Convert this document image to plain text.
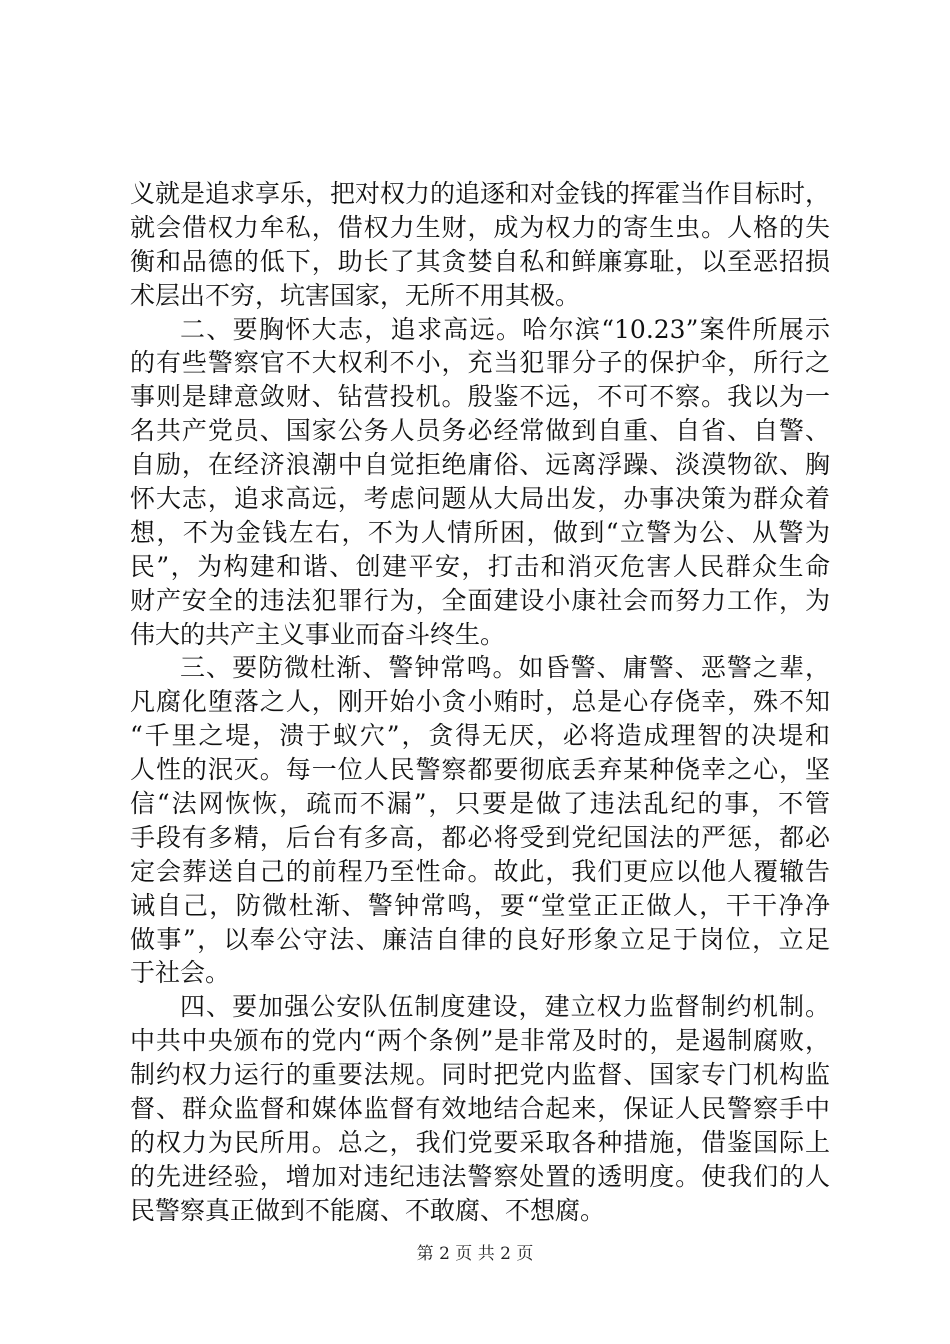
义就是追求享乐，把对权力的追逐和对金钱的挥霍当作目标时，
就会借权力牟私，借权力生财，成为权力的寄生虫。人格的失
衡和品德的低下，助长了其贪婪自私和鲜廉寡耻，以至恶招损
术层出不穷，坑害国家，无所不用其极。
二、要胸怀大志，追求高远。哈尔滨“10.23”案件所展示
的有些警察官不大权利不小，充当犯罪分子的保护伞，所行之
事则是肆意敛财、钻营投机。殷鉴不远，不可不察。我以为一
名共产党员、国家公务人员务必经常做到自重、自省、自警、
自励，在经济浪潮中自觉拒绝庸俗、远离浮躁、淡漠物欲、胸
怀大志，追求高远，考虑问题从大局出发，办事决策为群众着
想，不为金钱左右，不为人情所困，做到“立警为公、从警为
民”，为构建和谐、创建平安，打击和消灭危害人民群众生命
财产安全的违法犯罪行为，全面建设小康社会而努力工作，为
伟大的共产主义事业而奋斗终生。
三、要防微杜渐、警钟常鸣。如昏警、庸警、恶警之辈，
凡腐化堕落之人，刚开始小贪小贿时，总是心存侥幸，殊不知
“千里之堤，溃于蚁穴”，贪得无厌，必将造成理智的决堤和
人性的泯灭。每一位人民警察都要彻底丢弃某种侥幸之心，坚
信“法网恢恢，疏而不漏”，只要是做了违法乱纪的事，不管
手段有多精，后台有多高，都必将受到党纪国法的严惩，都必
定会葬送自己的前程乃至性命。故此，我们更应以他人覆辙告
诫自己，防微杜渐、警钟常鸣，要“堂堂正正做人，干干净净
做事”，以奉公守法、廉洁自律的良好形象立足于岗位，立足
于社会。
四、要加强公安队伍制度建设，建立权力监督制约机制。
中共中央颁布的党内“两个条例”是非常及时的，是遏制腐败，
制约权力运行的重要法规。同时把党内监督、国家专门机构监
督、群众监督和媒体监督有效地结合起来，保证人民警察手中
的权力为民所用。总之，我们党要采取各种措施，借鉴国际上
的先进经验，增加对违纪违法警察处置的透明度。使我们的人
民警察真正做到不能腐、不敢腐、不想腐。
第 2 页 共 2 页
